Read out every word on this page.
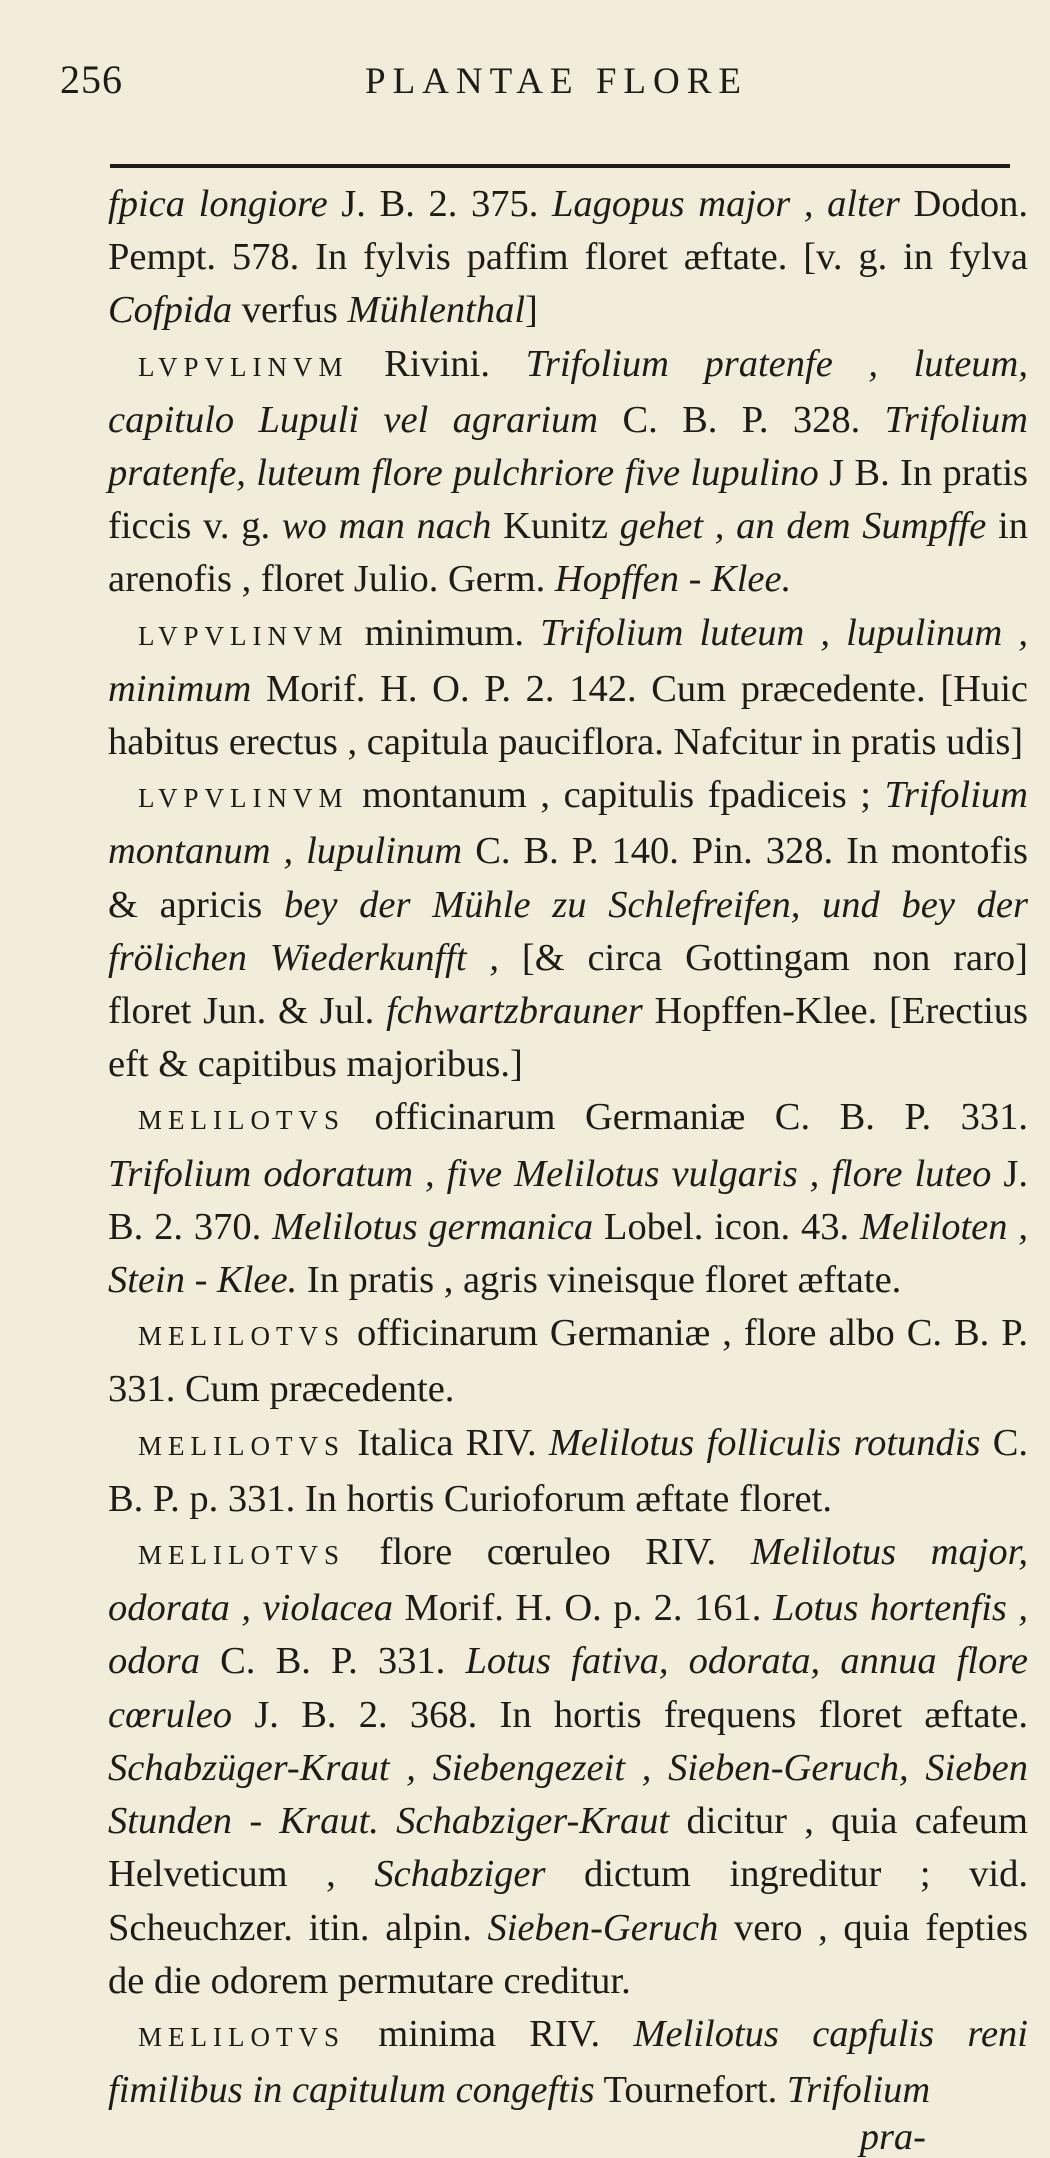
256	PLANTAE FLORE
fpica longiore J. B. 2. 375. Lagopus major , alter Dodon. Pempt. 578. In fylvis paffim floret æftate. [v. g. in fylva Cofpida verfus Mühlenthal]
LVPVLINVM Rivini. Trifolium pratenfe , luteum, capitulo Lupuli vel agrarium C. B. P. 328. Trifolium pratenfe, luteum flore pulchriore five lupulino J B. In pratis ficcis v. g. wo man nach Kunitz gehet , an dem Sumpffe in arenofis , floret Julio. Germ. Hopffen - Klee.
LVPVLINVM minimum. Trifolium luteum , lupulinum , minimum Morif. H. O. P. 2. 142. Cum præcedente. [Huic habitus erectus , capitula pauciflora. Nafcitur in pratis udis]
LVPVLINVM montanum , capitulis fpadiceis ; Trifolium montanum , lupulinum C. B. P. 140. Pin. 328. In montofis & apricis bey der Mühle zu Schlefreifen, und bey der frölichen Wiederkunfft , [& circa Gottingam non raro] floret Jun. & Jul. fchwartzbrauner Hopffen-Klee. [Erectius eft & capitibus majoribus.]
MELILOTVS officinarum Germaniæ C. B. P. 331. Trifolium odoratum , five Melilotus vulgaris , flore luteo J. B. 2. 370. Melilotus germanica Lobel. icon. 43. Meliloten , Stein - Klee. In pratis , agris vineisque floret æftate.
MELILOTVS officinarum Germaniæ , flore albo C. B. P. 331. Cum præcedente.
MELILOTVS Italica RIV. Melilotus folliculis rotundis C. B. P. p. 331. In hortis Curioforum æftate floret.
MELILOTVS flore cœruleo RIV. Melilotus major, odorata , violacea Morif. H. O. p. 2. 161. Lotus hortenfis , odora C. B. P. 331. Lotus fativa, odorata, annua flore cœruleo J. B. 2. 368. In hortis frequens floret æftate. Schabzüger-Kraut , Siebengezeit , Sieben-Geruch, Sieben Stunden - Kraut. Schabziger-Kraut dicitur , quia cafeum Helveticum , Schabziger dictum ingreditur ; vid. Scheuchzer. itin. alpin. Sieben-Geruch vero , quia fepties de die odorem permutare creditur.
MELILOTVS minima RIV. Melilotus capfulis reni fimilibus in capitulum congeftis Tournefort. Trifolium
pra-
